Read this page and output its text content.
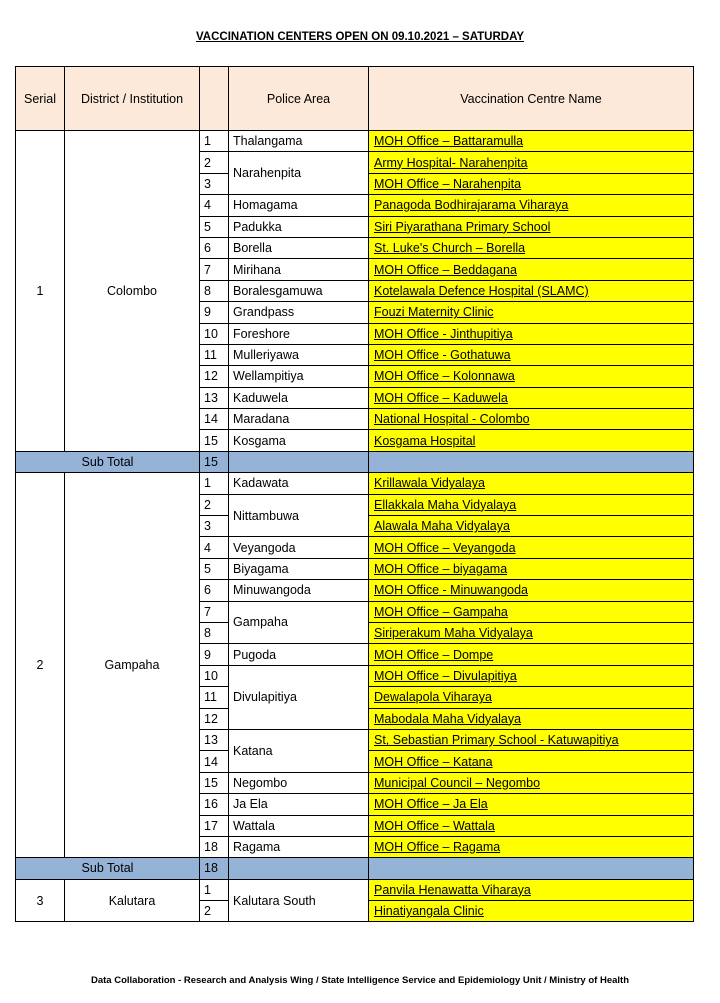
VACCINATION CENTERS OPEN ON 09.10.2021 – SATURDAY
Serial	District / Institution		Police Area	Vaccination Centre Name
1	Colombo	1	Thalangama	MOH Office – Battaramulla
		2	Narahenpita	Army Hospital- Narahenpita
		3		MOH Office – Narahenpita
		4	Homagama	Panagoda Bodhirajarama Viharaya
		5	Padukka	Siri Piyarathana Primary School
		6	Borella	St. Luke's Church – Borella
		7	Mirihana	MOH Office – Beddagana
		8	Boralesgamuwa	Kotelawala Defence Hospital (SLAMC)
		9	Grandpass	Fouzi Maternity Clinic
		10	Foreshore	MOH Office - Jinthupitiya
		11	Mulleriyawa	MOH Office - Gothatuwa
		12	Wellampitiya	MOH Office – Kolonnawa
		13	Kaduwela	MOH Office – Kaduwela
		14	Maradana	National Hospital - Colombo
		15	Kosgama	Kosgama Hospital
Sub Total		15		
2	Gampaha	1	Kadawata	Krillawala Vidyalaya
		2	Nittambuwa	Ellakkala Maha Vidyalaya
		3		Alawala Maha Vidyalaya
		4	Veyangoda	MOH Office – Veyangoda
		5	Biyagama	MOH Office – biyagama
		6	Minuwangoda	MOH Office - Minuwangoda
		7	Gampaha	MOH Office – Gampaha
		8		Siriperakum Maha Vidyalaya
		9	Pugoda	MOH Office – Dompe
		10	Divulapitiya	MOH Office – Divulapitiya
		11		Dewalapola Viharaya
		12		Mabodala Maha Vidyalaya
		13	Katana	St, Sebastian Primary School - Katuwapitiya
		14		MOH Office – Katana
		15	Negombo	Municipal Council – Negombo
		16	Ja Ela	MOH Office – Ja Ela
		17	Wattala	MOH Office – Wattala
		18	Ragama	MOH Office – Ragama
Sub Total		18		
3	Kalutara	1	Kalutara South	Panvila Henawatta Viharaya
		2		Hinatiyangala Clinic
Data Collaboration - Research and Analysis Wing / State Intelligence Service and Epidemiology Unit / Ministry of Health
